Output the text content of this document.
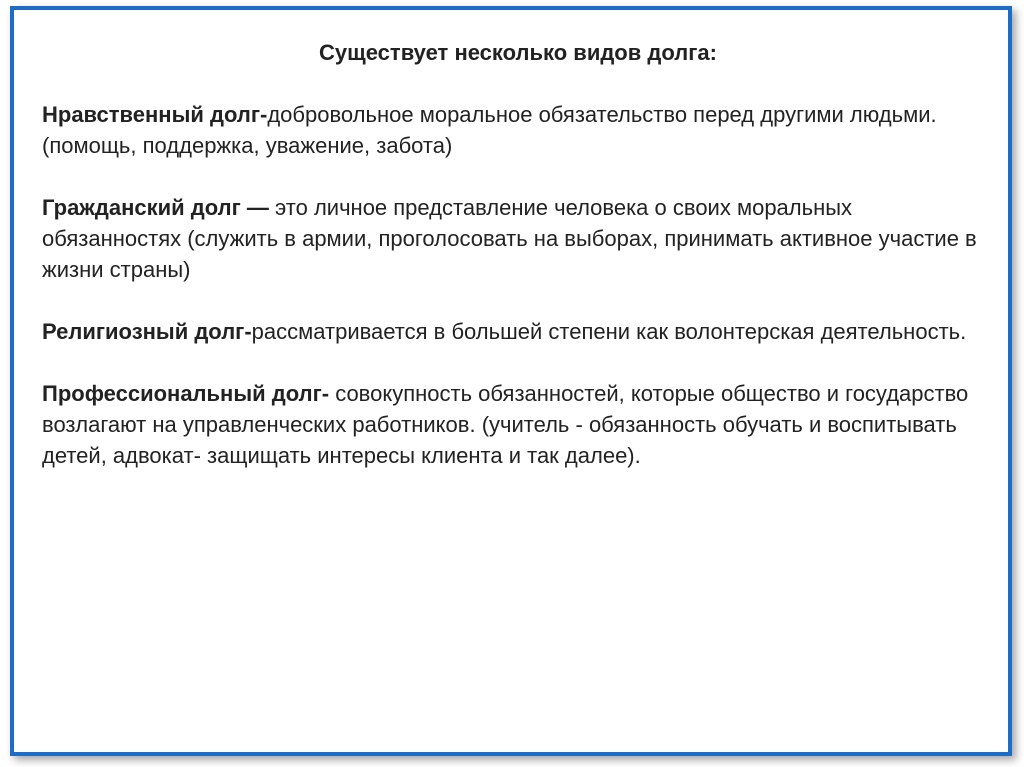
Существует несколько видов долга:

Нравственный долг-добровольное моральное обязательство перед другими людьми. (помощь, поддержка, уважение, забота)

Гражданский долг — это личное представление человека о своих моральных обязанностях (служить в армии, проголосовать на выборах, принимать активное участие в жизни страны)

Религиозный долг-рассматривается в большей степени как волонтерская деятельность.

Профессиональный долг- совокупность обязанностей, которые общество и государство возлагают на управленческих работников. (учитель - обязанность обучать и воспитывать детей, адвокат- защищать интересы клиента и так далее).
